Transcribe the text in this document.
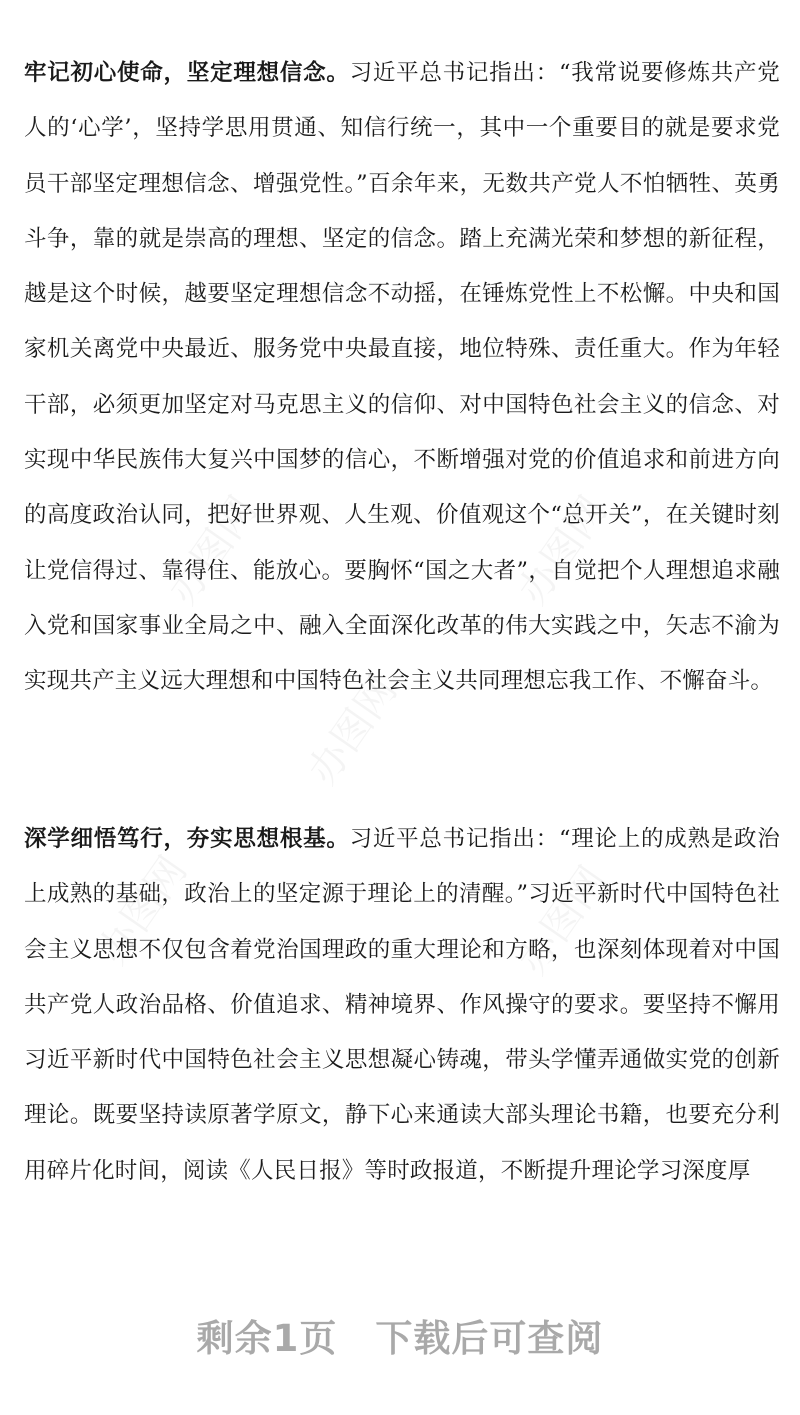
牢记初心使命，坚定理想信念。习近平总书记指出：“我常说要修炼共产党人的‘心学’，坚持学思用贯通、知信行统一，其中一个重要目的就是要求党员干部坚定理想信念、增强党性。”百余年来，无数共产党人不怕牺牲、英勇斗争，靠的就是崇高的理想、坚定的信念。踏上充满光荣和梦想的新征程，越是这个时候，越要坚定理想信念不动摇，在锤炼党性上不松懈。中央和国家机关离党中央最近、服务党中央最直接，地位特殊、责任重大。作为年轻干部，必须更加坚定对马克思主义的信仰、对中国特色社会主义的信念、对实现中华民族伟大复兴中国梦的信心，不断增强对党的价值追求和前进方向的高度政治认同，把好世界观、人生观、价值观这个“总开关”，在关键时刻让党信得过、靠得住、能放心。要胸怀“国之大者”，自觉把个人理想追求融入党和国家事业全局之中、融入全面深化改革的伟大实践之中，矢志不渝为实现共产主义远大理想和中国特色社会主义共同理想忘我工作、不懈奋斗。

深学细悟笃行，夯实思想根基。习近平总书记指出：“理论上的成熟是政治上成熟的基础，政治上的坚定源于理论上的清醒。”习近平新时代中国特色社会主义思想不仅包含着党治国理政的重大理论和方略，也深刻体现着对中国共产党人政治品格、价值追求、精神境界、作风操守的要求。要坚持不懈用习近平新时代中国特色社会主义思想凝心铸魂，带头学懂弄通做实党的创新理论。既要坚持读原著学原文，静下心来通读大部头理论书籍，也要充分利用碎片化时间，阅读《人民日报》等时政报道，不断提升理论学习深度厚

剩余1页　下载后可查阅
